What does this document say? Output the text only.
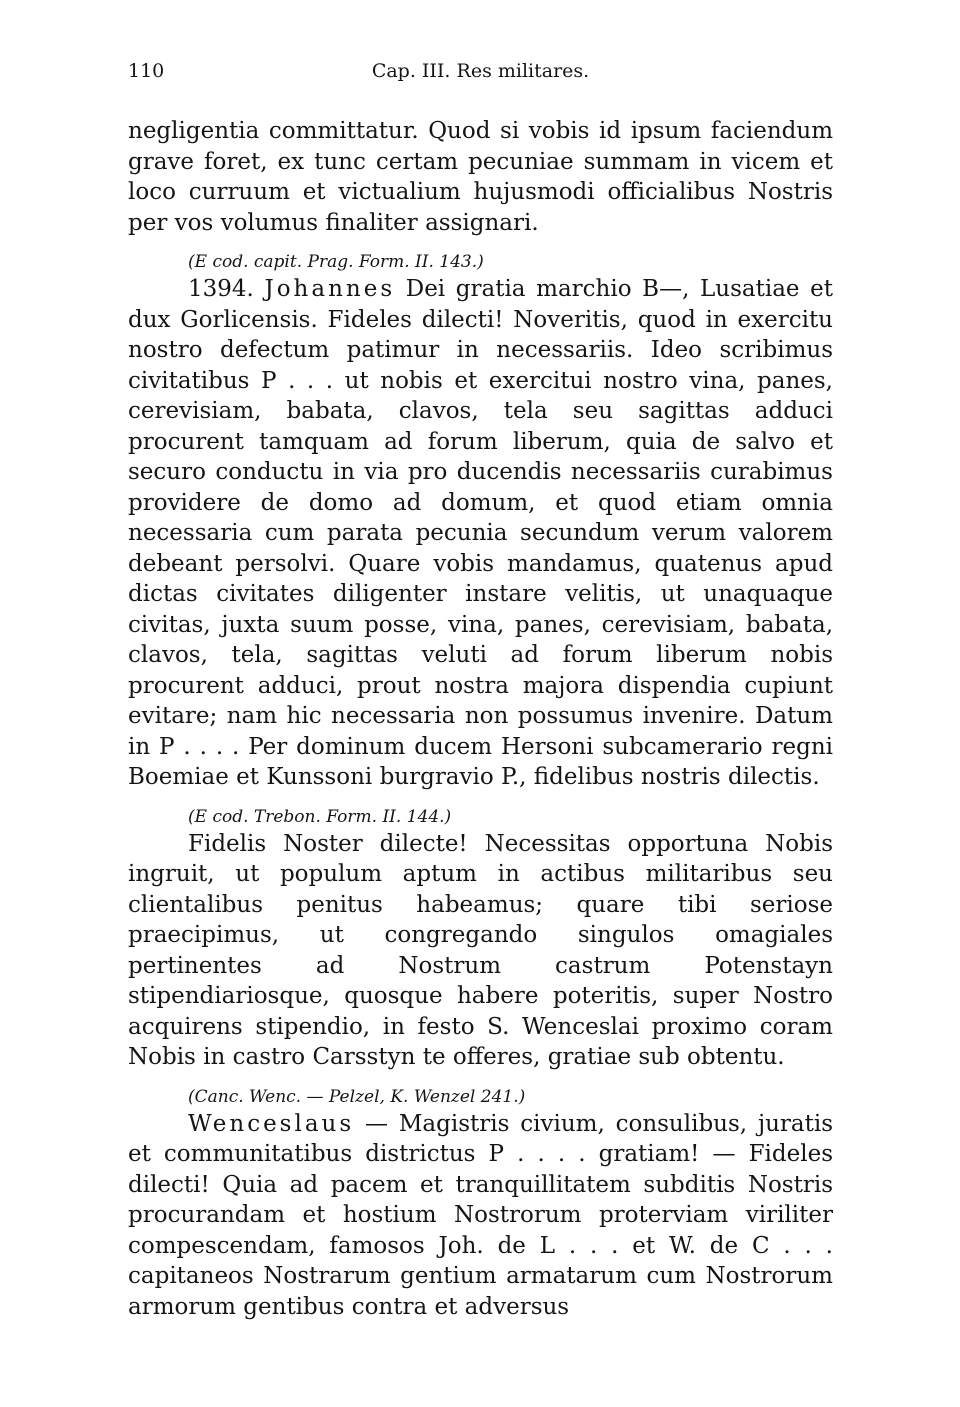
110	Cap. III. Res militares.

negligentia committatur. Quod si vobis id ipsum faciendum grave foret, ex tunc certam pecuniae summam in vicem et loco curruum et victualium hujusmodi officialibus Nostris per vos volumus finaliter assignari.

(E cod. capit. Prag. Form. II. 143.)

1394. Johannes Dei gratia marchio B—, Lusatiae et dux Gorlicensis. Fideles dilecti! Noveritis, quod in exercitu nostro defectum patimur in necessariis. Ideo scribimus civitatibus P . . . ut nobis et exercitui nostro vina, panes, cerevisiam, babata, clavos, tela seu sagittas adduci procurent tamquam ad forum liberum, quia de salvo et securo conductu in via pro ducendis necessariis curabimus providere de domo ad domum, et quod etiam omnia necessaria cum parata pecunia secundum verum valorem debeant persolvi. Quare vobis mandamus, quatenus apud dictas civitates diligenter instare velitis, ut unaquaque civitas, juxta suum posse, vina, panes, cerevisiam, babata, clavos, tela, sagittas veluti ad forum liberum nobis procurent adduci, prout nostra majora dispendia cupiunt evitare; nam hic necessaria non possumus invenire. Datum in P . . . . Per dominum ducem Hersoni subcamerario regni Boemiae et Kunssoni burgravio P., fidelibus nostris dilectis.

(E cod. Trebon. Form. II. 144.)

Fidelis Noster dilecte! Necessitas opportuna Nobis ingruit, ut populum aptum in actibus militaribus seu clientalibus penitus habeamus; quare tibi seriose praecipimus, ut congregando singulos omagiales pertinentes ad Nostrum castrum Potenstayn stipendiariosque, quosque habere poteritis, super Nostro acquirens stipendio, in festo S. Wenceslai proximo coram Nobis in castro Carsstyn te offeres, gratiae sub obtentu.

(Canc. Wenc. — Pelzel, K. Wenzel 241.)

Wenceslaus — Magistris civium, consulibus, juratis et communitatibus districtus P . . . . gratiam! — Fideles dilecti! Quia ad pacem et tranquillitatem subditis Nostris procurandam et hostium Nostrorum proterviam viriliter compescendam, famosos Joh. de L . . . et W. de C . . . capitaneos Nostrarum gentium armatarum cum Nostrorum armorum gentibus contra et adversus
